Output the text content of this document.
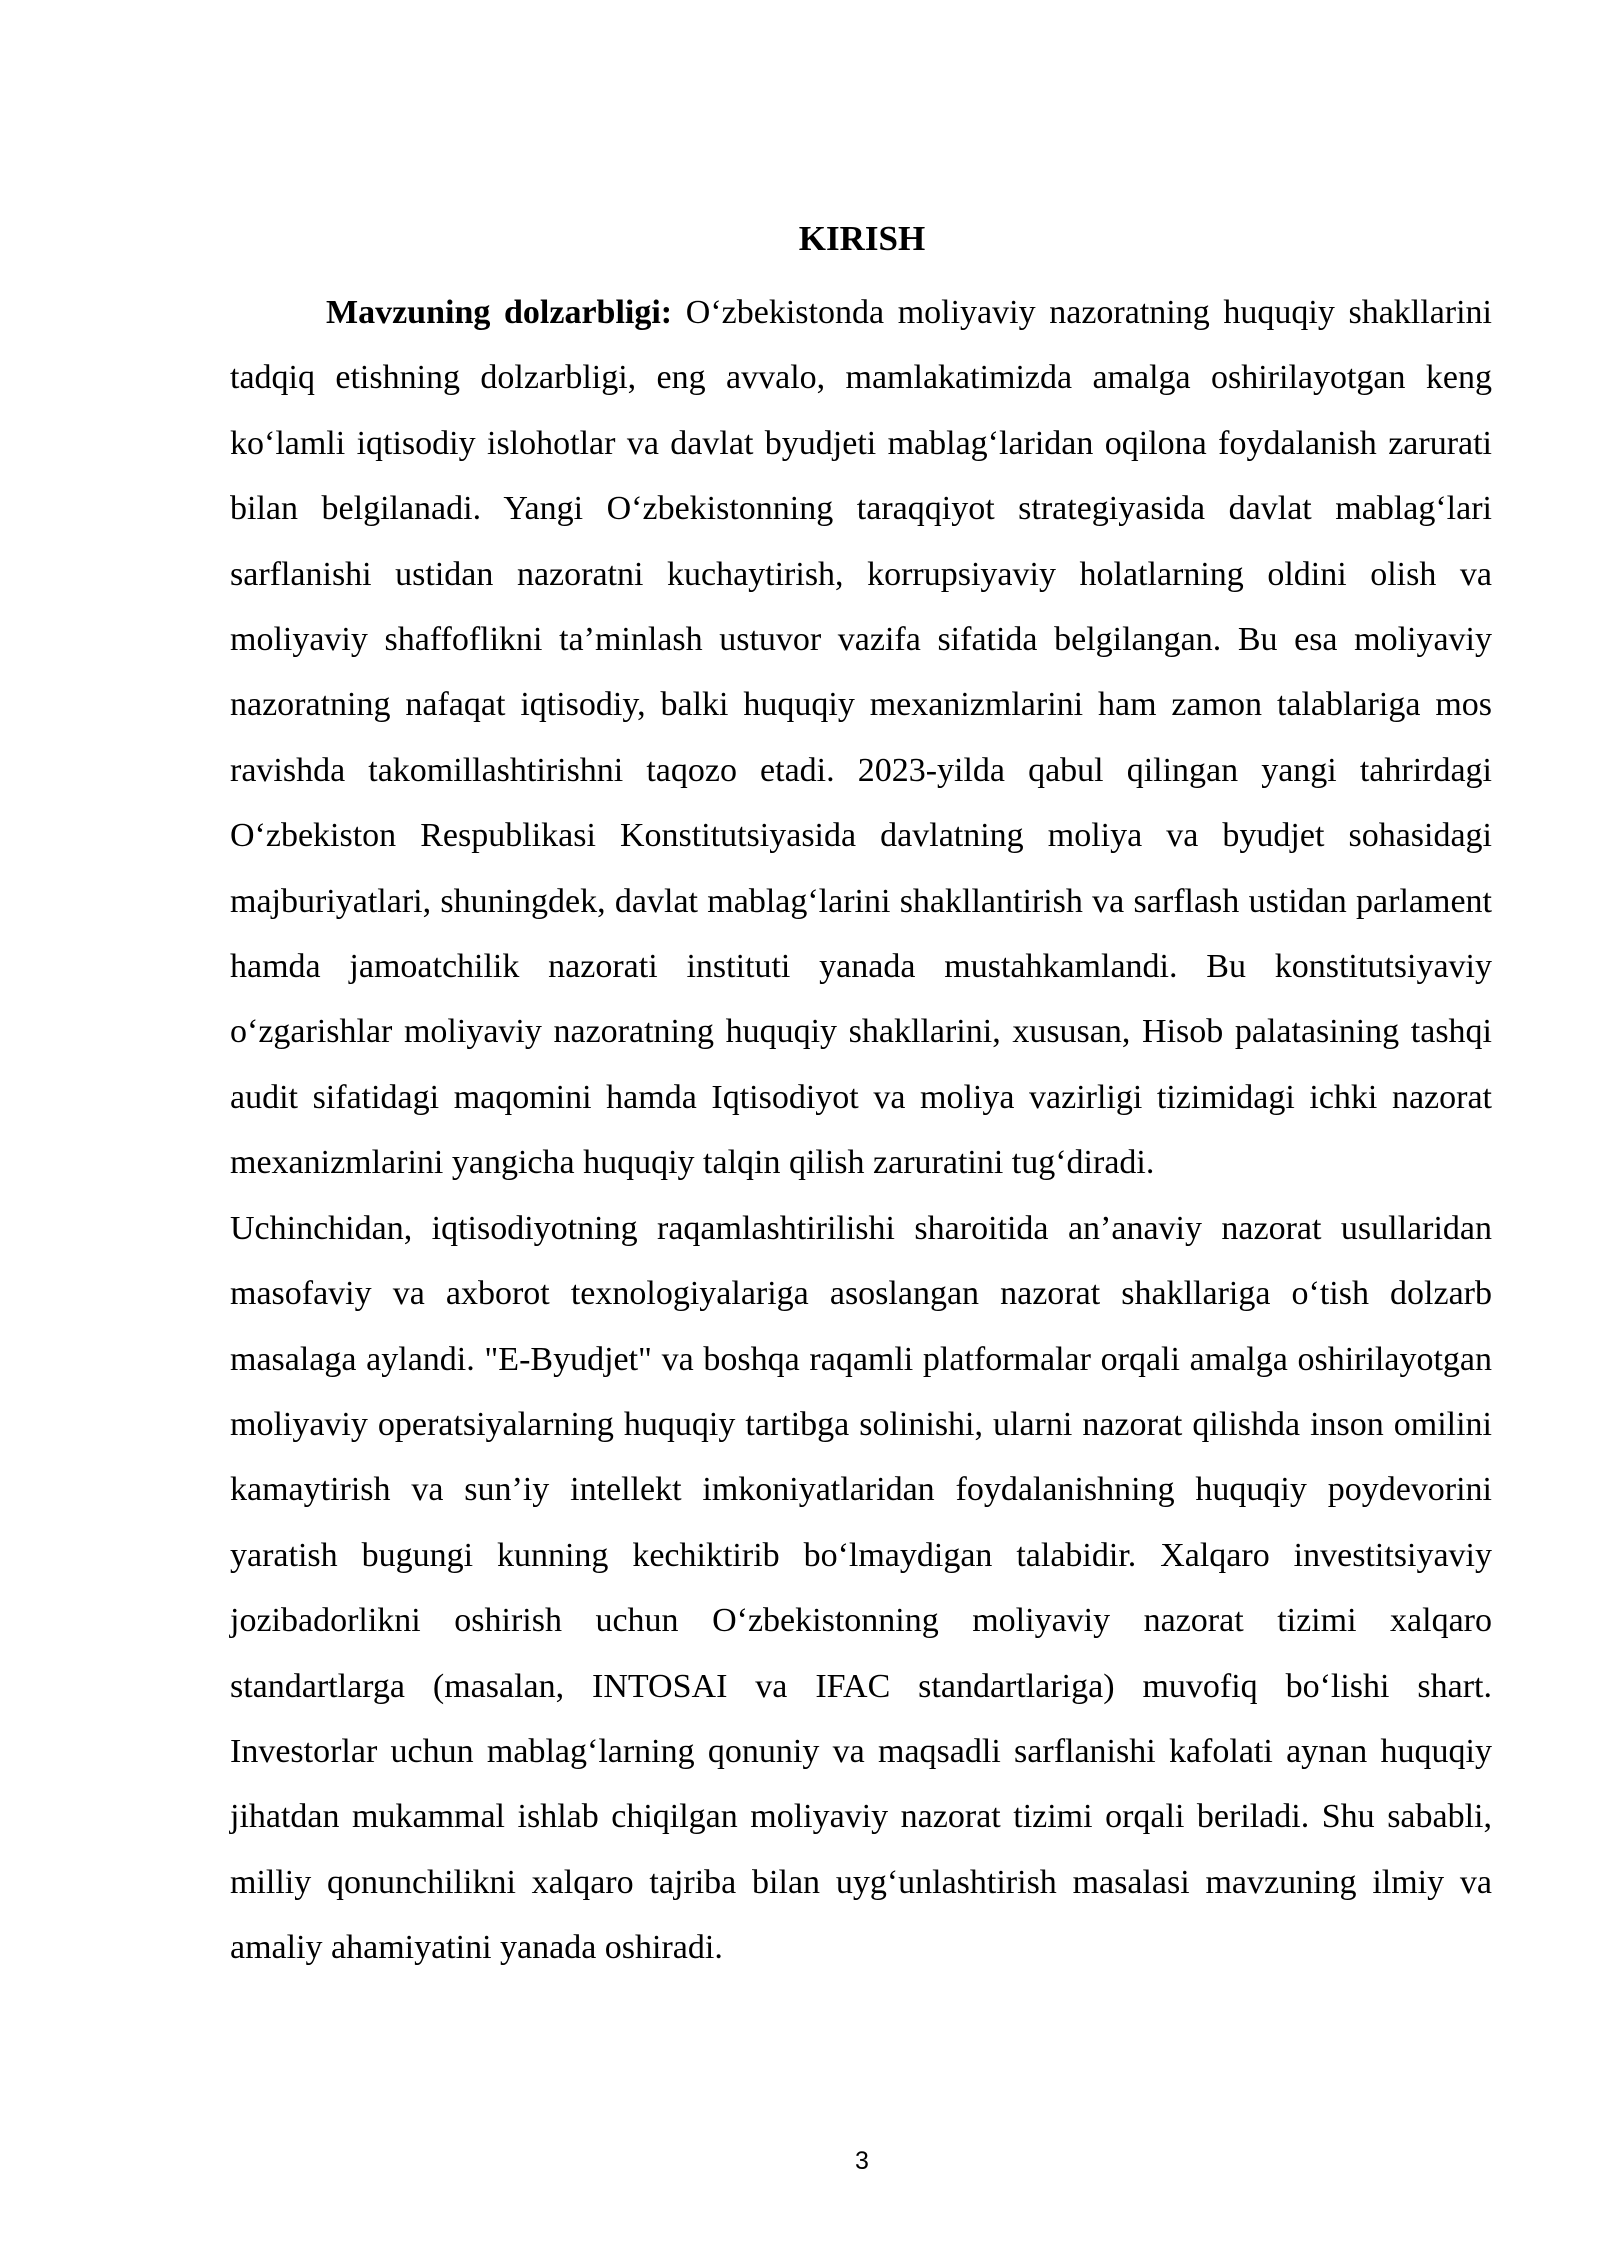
KIRISH

Mavzuning dolzarbligi: O‘zbekistonda moliyaviy nazoratning huquqiy shakllarini tadqiq etishning dolzarbligi, eng avvalo, mamlakatimizda amalga oshirilayotgan keng ko‘lamli iqtisodiy islohotlar va davlat byudjeti mablag‘laridan oqilona foydalanish zarurati bilan belgilanadi. Yangi O‘zbekistonning taraqqiyot strategiyasida davlat mablag‘lari sarflanishi ustidan nazoratni kuchaytirish, korrupsiyaviy holatlarning oldini olish va moliyaviy shaffoflikni ta’minlash ustuvor vazifa sifatida belgilangan. Bu esa moliyaviy nazoratning nafaqat iqtisodiy, balki huquqiy mexanizmlarini ham zamon talablariga mos ravishda takomillashtirishni taqozo etadi. 2023-yilda qabul qilingan yangi tahrirdagi O‘zbekiston Respublikasi Konstitutsiyasida davlatning moliya va byudjet sohasidagi majburiyatlari, shuningdek, davlat mablag‘larini shakllantirish va sarflash ustidan parlament hamda jamoatchilik nazorati instituti yanada mustahkamlandi. Bu konstitutsiyaviy o‘zgarishlar moliyaviy nazoratning huquqiy shakllarini, xususan, Hisob palatasining tashqi audit sifatidagi maqomini hamda Iqtisodiyot va moliya vazirligi tizimidagi ichki nazorat mexanizmlarini yangicha huquqiy talqin qilish zaruratini tug‘diradi.

Uchinchidan, iqtisodiyotning raqamlashtirilishi sharoitida an’anaviy nazorat usullaridan masofaviy va axborot texnologiyalariga asoslangan nazorat shakllariga o‘tish dolzarb masalaga aylandi. "E-Byudjet" va boshqa raqamli platformalar orqali amalga oshirilayotgan moliyaviy operatsiyalarning huquqiy tartibga solinishi, ularni nazorat qilishda inson omilini kamaytirish va sun’iy intellekt imkoniyatlaridan foydalanishning huquqiy poydevorini yaratish bugungi kunning kechiktirib bo‘lmaydigan talabidir. Xalqaro investitsiyaviy jozibadorlikni oshirish uchun O‘zbekistonning moliyaviy nazorat tizimi xalqaro standartlarga (masalan, INTOSAI va IFAC standartlariga) muvofiq bo‘lishi shart. Investorlar uchun mablag‘larning qonuniy va maqsadli sarflanishi kafolati aynan huquqiy jihatdan mukammal ishlab chiqilgan moliyaviy nazorat tizimi orqali beriladi. Shu sababli, milliy qonunchilikni xalqaro tajriba bilan uyg‘unlashtirish masalasi mavzuning ilmiy va amaliy ahamiyatini yanada oshiradi.

3
